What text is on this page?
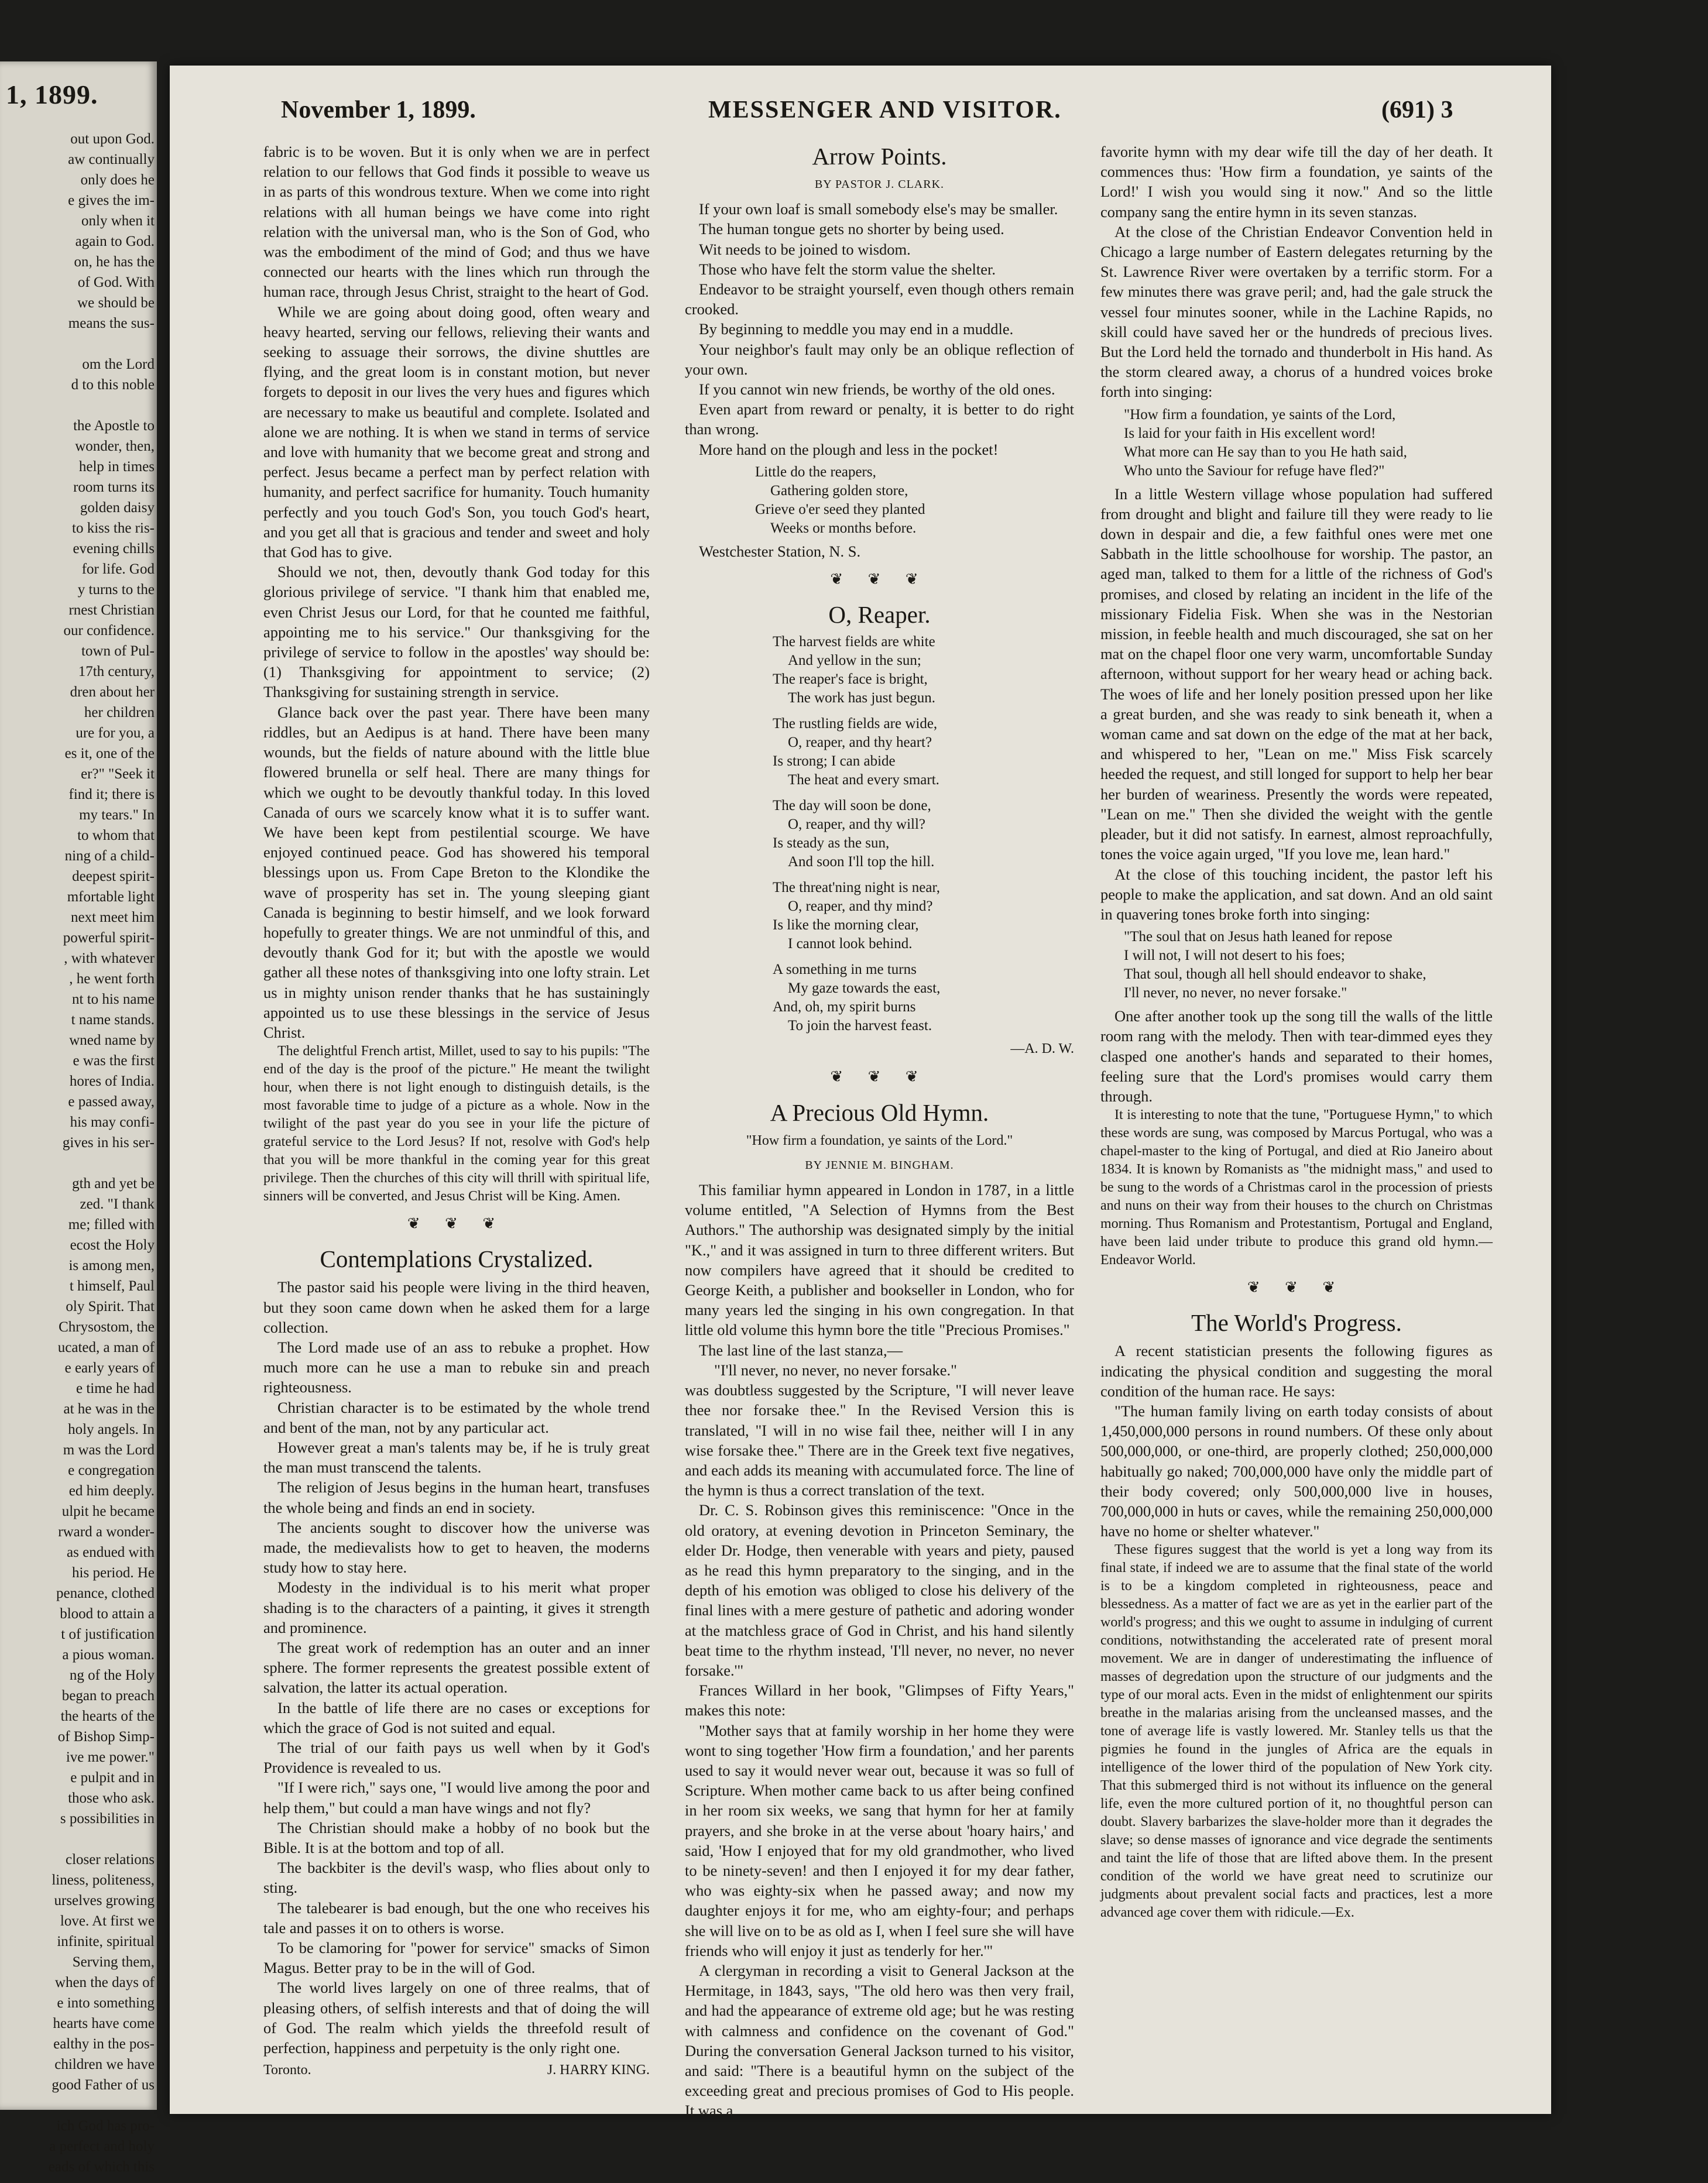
1, 1899.
out upon God.
aw continually
only does he
e gives the im-
only when it
again to God.
on, he has the
of God. With
we should be
means the sus-
om the Lord
d to this noble
the Apostle to
wonder, then,
help in times
room turns its
golden daisy
to kiss the ris-
evening chills
for life. God
y turns to the
rnest Christian
our confidence.
town of Pul-
17th century,
dren about her
her children
ure for you, a
es it, one of the
er?" "Seek it
find it; there is
my tears." In
to whom that
ning of a child-
deepest spirit-
mfortable light
next meet him
powerful spirit-
, with whatever
, he went forth
nt to his name
t name stands.
wned name by
e was the first
hores of India.
e passed away,
his may confi-
gives in his ser-
gth and yet be
zed. "I thank
me; filled with
ecost the Holy
is among men,
t himself, Paul
oly Spirit. That
Chrysostom, the
ucated, a man of
e early years of
e time he had
at he was in the
holy angels. In
m was the Lord
e congregation
ed him deeply.
ulpit he became
rward a wonder-
as endued with
his period. He
penance, clothed
blood to attain a
t of justification
a pious woman.
ng of the Holy
began to preach
the hearts of the
of Bishop Simp-
ive me power."
e pulpit and in
those who ask.
s possibilities in
closer relations
liness, politeness,
urselves growing
love. At first we
infinite, spiritual
Serving them,
when the days of
e into something
hearts have come
ealthy in the pos-
children we have
good Father of us
ich God has pro-
a perfect and holy
eads of which this
November 1, 1899.	MESSENGER AND VISITOR.	(691) 3

fabric is to be woven. But it is only when we are in perfect relation to our fellows that God finds it possible to weave us in as parts of this wondrous texture. When we come into right relations with all human beings we have come into right relation with the universal man, who is the Son of God, who was the embodiment of the mind of God; and thus we have connected our hearts with the lines which run through the human race, through Jesus Christ, straight to the heart of God.

While we are going about doing good, often weary and heavy hearted, serving our fellows, relieving their wants and seeking to assuage their sorrows, the divine shuttles are flying, and the great loom is in constant motion, but never forgets to deposit in our lives the very hues and figures which are necessary to make us beautiful and complete. Isolated and alone we are nothing. It is when we stand in terms of service and love with humanity that we become great and strong and perfect. Jesus became a perfect man by perfect relation with humanity, and perfect sacrifice for humanity. Touch humanity perfectly and you touch God's Son, you touch God's heart, and you get all that is gracious and tender and sweet and holy that God has to give.

Should we not, then, devoutly thank God today for this glorious privilege of service. "I thank him that enabled me, even Christ Jesus our Lord, for that he counted me faithful, appointing me to his service." Our thanksgiving for the privilege of service to follow in the apostles' way should be: (1) Thanksgiving for appointment to service; (2) Thanksgiving for sustaining strength in service.

Glance back over the past year. There have been many riddles, but an Aedipus is at hand. There have been many wounds, but the fields of nature abound with the little blue flowered brunella or self heal. There are many things for which we ought to be devoutly thankful today. In this loved Canada of ours we scarcely know what it is to suffer want. We have been kept from pestilential scourge. We have enjoyed continued peace. God has showered his temporal blessings upon us. From Cape Breton to the Klondike the wave of prosperity has set in. The young sleeping giant Canada is beginning to bestir himself, and we look forward hopefully to greater things. We are not unmindful of this, and devoutly thank God for it; but with the apostle we would gather all these notes of thanksgiving into one lofty strain. Let us in mighty unison render thanks that he has sustainingly appointed us to use these blessings in the service of Jesus Christ.

The delightful French artist, Millet, used to say to his pupils: "The end of the day is the proof of the picture." He meant the twilight hour, when there is not light enough to distinguish details, is the most favorable time to judge of a picture as a whole. Now in the twilight of the past year do you see in your life the picture of grateful service to the Lord Jesus? If not, resolve with God's help that you will be more thankful in the coming year for this great privilege. Then the churches of this city will thrill with spiritual life, sinners will be converted, and Jesus Christ will be King. Amen.

❦ ❦ ❦
Contemplations Crystalized.

The pastor said his people were living in the third heaven, but they soon came down when he asked them for a large collection.

The Lord made use of an ass to rebuke a prophet. How much more can he use a man to rebuke sin and preach righteousness.

Christian character is to be estimated by the whole trend and bent of the man, not by any particular act.

However great a man's talents may be, if he is truly great the man must transcend the talents.

The religion of Jesus begins in the human heart, transfuses the whole being and finds an end in society.

The ancients sought to discover how the universe was made, the medievalists how to get to heaven, the moderns study how to stay here.

Modesty in the individual is to his merit what proper shading is to the characters of a painting, it gives it strength and prominence.

The great work of redemption has an outer and an inner sphere. The former represents the greatest possible extent of salvation, the latter its actual operation.

In the battle of life there are no cases or exceptions for which the grace of God is not suited and equal.

The trial of our faith pays us well when by it God's Providence is revealed to us.

"If I were rich," says one, "I would live among the poor and help them," but could a man have wings and not fly?

The Christian should make a hobby of no book but the Bible. It is at the bottom and top of all.

The backbiter is the devil's wasp, who flies about only to sting.

The talebearer is bad enough, but the one who receives his tale and passes it on to others is worse.

To be clamoring for "power for service" smacks of Simon Magus. Better pray to be in the will of God.

The world lives largely on one of three realms, that of pleasing others, of selfish interests and that of doing the will of God. The realm which yields the threefold result of perfection, happiness and perpetuity is the only right one.

Toronto.	J. HARRY KING.
Arrow Points.
BY PASTOR J. CLARK.

If your own loaf is small somebody else's may be smaller.

The human tongue gets no shorter by being used.

Wit needs to be joined to wisdom.

Those who have felt the storm value the shelter.

Endeavor to be straight yourself, even though others remain crooked.

By beginning to meddle you may end in a muddle.

Your neighbor's fault may only be an oblique reflection of your own.

If you cannot win new friends, be worthy of the old ones.

Even apart from reward or penalty, it is better to do right than wrong.

More hand on the plough and less in the pocket!

Little do the reapers,
Gathering golden store,
Grieve o'er seed they planted
Weeks or months before.

Westchester Station, N. S.

❦ ❦ ❦
O, Reaper.
The harvest fields are white
And yellow in the sun;
The reaper's face is bright,
The work has just begun.
The rustling fields are wide,
O, reaper, and thy heart?
Is strong; I can abide
The heat and every smart.
The day will soon be done,
O, reaper, and thy will?
Is steady as the sun,
And soon I'll top the hill.
The threat'ning night is near,
O, reaper, and thy mind?
Is like the morning clear,
I cannot look behind.
A something in me turns
My gaze towards the east,
And, oh, my spirit burns
To join the harvest feast.
—A. D. W.
❦ ❦ ❦
A Precious Old Hymn.
"How firm a foundation, ye saints of the Lord."
BY JENNIE M. BINGHAM.

This familiar hymn appeared in London in 1787, in a little volume entitled, "A Selection of Hymns from the Best Authors." The authorship was designated simply by the initial "K.," and it was assigned in turn to three different writers. But now compilers have agreed that it should be credited to George Keith, a publisher and bookseller in London, who for many years led the singing in his own congregation. In that little old volume this hymn bore the title "Precious Promises."

The last line of the last stanza,—

"I'll never, no never, no never forsake."

was doubtless suggested by the Scripture, "I will never leave thee nor forsake thee." In the Revised Version this is translated, "I will in no wise fail thee, neither will I in any wise forsake thee." There are in the Greek text five negatives, and each adds its meaning with accumulated force. The line of the hymn is thus a correct translation of the text.

Dr. C. S. Robinson gives this reminiscence: "Once in the old oratory, at evening devotion in Princeton Seminary, the elder Dr. Hodge, then venerable with years and piety, paused as he read this hymn preparatory to the singing, and in the depth of his emotion was obliged to close his delivery of the final lines with a mere gesture of pathetic and adoring wonder at the matchless grace of God in Christ, and his hand silently beat time to the rhythm instead, 'I'll never, no never, no never forsake.'"

Frances Willard in her book, "Glimpses of Fifty Years," makes this note:

"Mother says that at family worship in her home they were wont to sing together 'How firm a foundation,' and her parents used to say it would never wear out, because it was so full of Scripture. When mother came back to us after being confined in her room six weeks, we sang that hymn for her at family prayers, and she broke in at the verse about 'hoary hairs,' and said, 'How I enjoyed that for my old grandmother, who lived to be ninety-seven! and then I enjoyed it for my dear father, who was eighty-six when he passed away; and now my daughter enjoys it for me, who am eighty-four; and perhaps she will live on to be as old as I, when I feel sure she will have friends who will enjoy it just as tenderly for her.'"

A clergyman in recording a visit to General Jackson at the Hermitage, in 1843, says, "The old hero was then very frail, and had the appearance of extreme old age; but he was resting with calmness and confidence on the covenant of God." During the conversation General Jackson turned to his visitor, and said: "There is a beautiful hymn on the subject of the exceeding great and precious promises of God to His people. It was a

favorite hymn with my dear wife till the day of her death. It commences thus: 'How firm a foundation, ye saints of the Lord!' I wish you would sing it now." And so the little company sang the entire hymn in its seven stanzas.

At the close of the Christian Endeavor Convention held in Chicago a large number of Eastern delegates returning by the St. Lawrence River were overtaken by a terrific storm. For a few minutes there was grave peril; and, had the gale struck the vessel four minutes sooner, while in the Lachine Rapids, no skill could have saved her or the hundreds of precious lives. But the Lord held the tornado and thunderbolt in His hand. As the storm cleared away, a chorus of a hundred voices broke forth into singing:

"How firm a foundation, ye saints of the Lord,
Is laid for your faith in His excellent word!
What more can He say than to you He hath said,
Who unto the Saviour for refuge have fled?"

In a little Western village whose population had suffered from drought and blight and failure till they were ready to lie down in despair and die, a few faithful ones were met one Sabbath in the little schoolhouse for worship. The pastor, an aged man, talked to them for a little of the richness of God's promises, and closed by relating an incident in the life of the missionary Fidelia Fisk. When she was in the Nestorian mission, in feeble health and much discouraged, she sat on her mat on the chapel floor one very warm, uncomfortable Sunday afternoon, without support for her weary head or aching back. The woes of life and her lonely position pressed upon her like a great burden, and she was ready to sink beneath it, when a woman came and sat down on the edge of the mat at her back, and whispered to her, "Lean on me." Miss Fisk scarcely heeded the request, and still longed for support to help her bear her burden of weariness. Presently the words were repeated, "Lean on me." Then she divided the weight with the gentle pleader, but it did not satisfy. In earnest, almost reproachfully, tones the voice again urged, "If you love me, lean hard."

At the close of this touching incident, the pastor left his people to make the application, and sat down. And an old saint in quavering tones broke forth into singing:

"The soul that on Jesus hath leaned for repose
I will not, I will not desert to his foes;
That soul, though all hell should endeavor to shake,
I'll never, no never, no never forsake."

One after another took up the song till the walls of the little room rang with the melody. Then with tear-dimmed eyes they clasped one another's hands and separated to their homes, feeling sure that the Lord's promises would carry them through.

It is interesting to note that the tune, "Portuguese Hymn," to which these words are sung, was composed by Marcus Portugal, who was a chapel-master to the king of Portugal, and died at Rio Janeiro about 1834. It is known by Romanists as "the midnight mass," and used to be sung to the words of a Christmas carol in the procession of priests and nuns on their way from their houses to the church on Christmas morning. Thus Romanism and Protestantism, Portugal and England, have been laid under tribute to produce this grand old hymn.—Endeavor World.

❦ ❦ ❦
The World's Progress.

A recent statistician presents the following figures as indicating the physical condition and suggesting the moral condition of the human race. He says:

"The human family living on earth today consists of about 1,450,000,000 persons in round numbers. Of these only about 500,000,000, or one-third, are properly clothed; 250,000,000 habitually go naked; 700,000,000 have only the middle part of their body covered; only 500,000,000 live in houses, 700,000,000 in huts or caves, while the remaining 250,000,000 have no home or shelter whatever."

These figures suggest that the world is yet a long way from its final state, if indeed we are to assume that the final state of the world is to be a kingdom completed in righteousness, peace and blessedness. As a matter of fact we are as yet in the earlier part of the world's progress; and this we ought to assume in indulging of current conditions, notwithstanding the accelerated rate of present moral movement. We are in danger of underestimating the influence of masses of degredation upon the structure of our judgments and the type of our moral acts. Even in the midst of enlightenment our spirits breathe in the malarias arising from the uncleansed masses, and the tone of average life is vastly lowered. Mr. Stanley tells us that the pigmies he found in the jungles of Africa are the equals in intelligence of the lower third of the population of New York city. That this submerged third is not without its influence on the general life, even the more cultured portion of it, no thoughtful person can doubt. Slavery barbarizes the slave-holder more than it degrades the slave; so dense masses of ignorance and vice degrade the sentiments and taint the life of those that are lifted above them. In the present condition of the world we have great need to scrutinize our judgments about prevalent social facts and practices, lest a more advanced age cover them with ridicule.—Ex.
